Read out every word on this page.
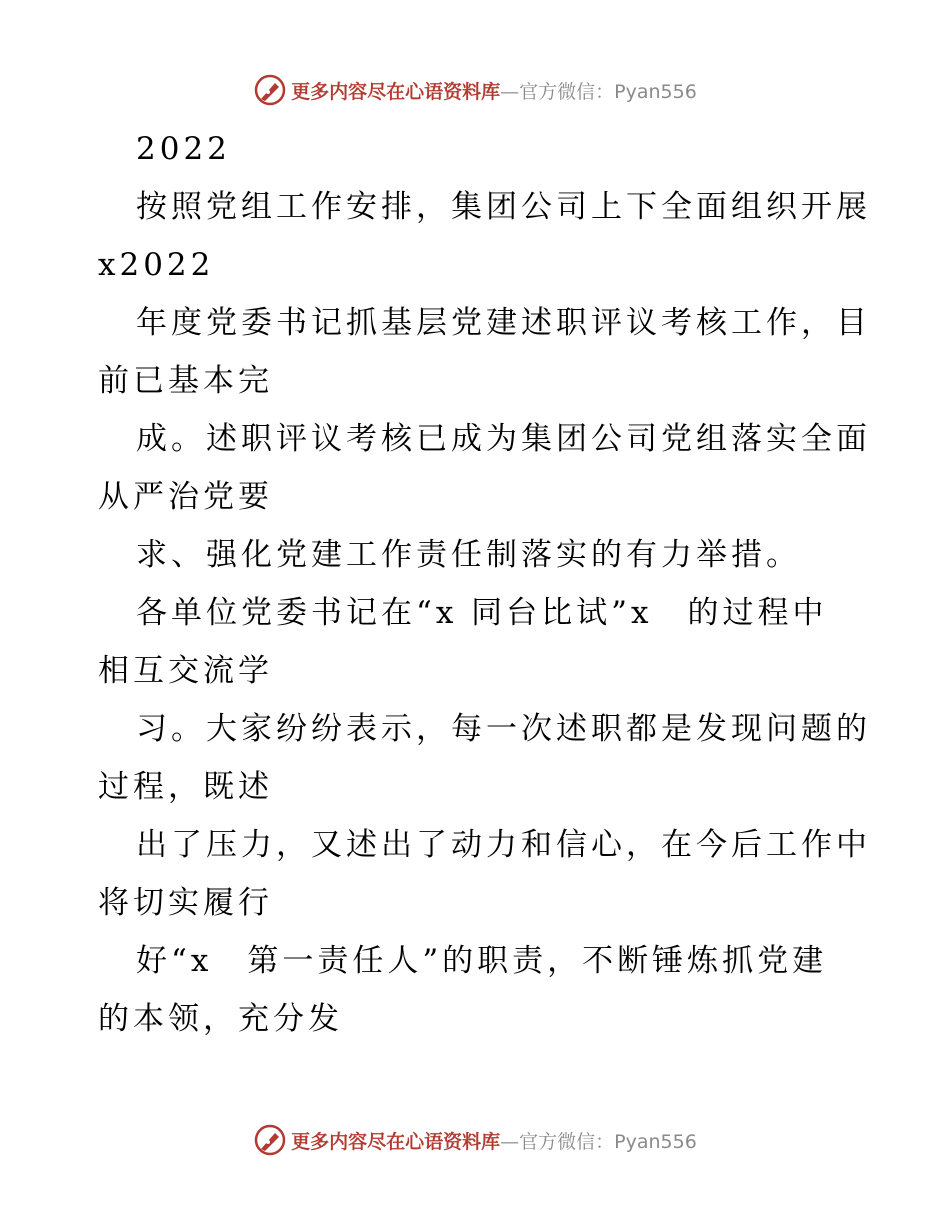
更多内容尽在心语资料库—官方微信：Pyan556
2022
按照党组工作安排，集团公司上下全面组织开展
x2022
年度党委书记抓基层党建述职评议考核工作，目
前已基本完
成。述职评议考核已成为集团公司党组落实全面
从严治党要
求、强化党建工作责任制落实的有力举措。
各单位党委书记在“x 同台比试”x　的过程中
相互交流学
习。大家纷纷表示，每一次述职都是发现问题的
过程，既述
出了压力，又述出了动力和信心，在今后工作中
将切实履行
好“x　第一责任人”的职责，不断锤炼抓党建
的本领，充分发
更多内容尽在心语资料库—官方微信：Pyan556
